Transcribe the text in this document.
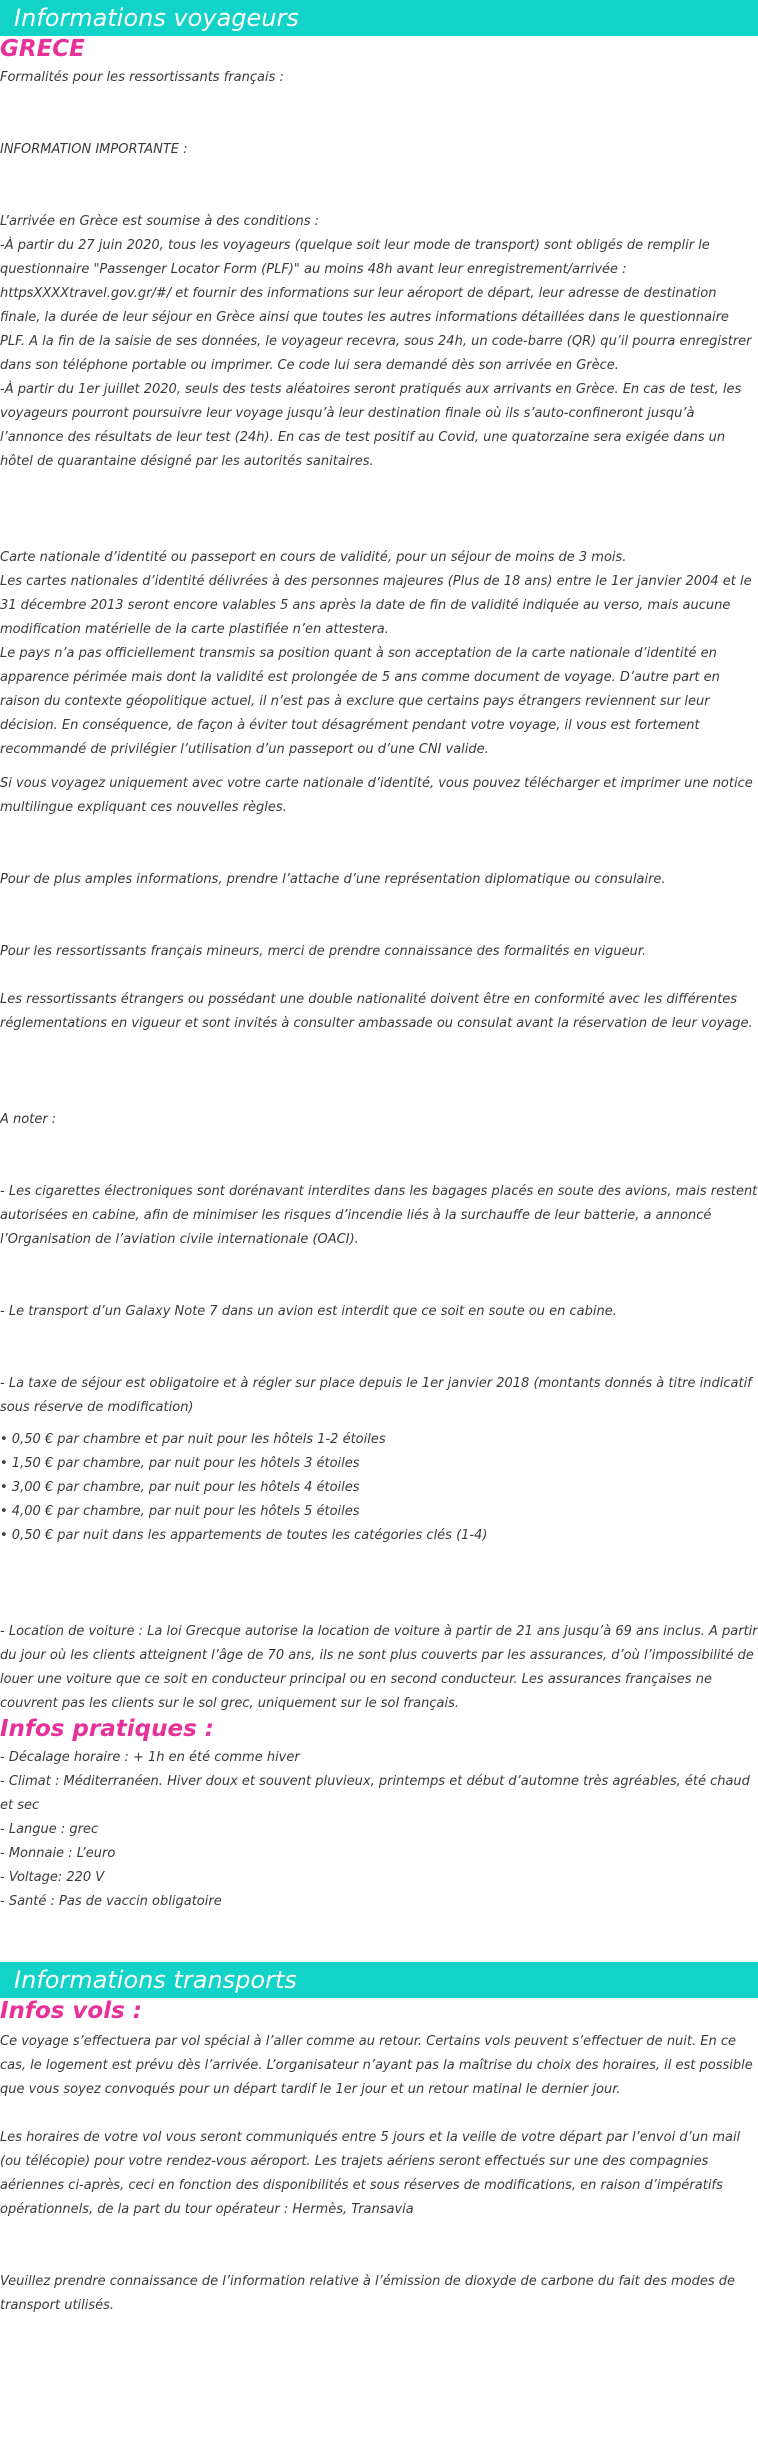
Informations voyageurs
GRECE

Formalités pour les ressortissants français :

INFORMATION IMPORTANTE :

L’arrivée en Grèce est soumise à des conditions :

-À partir du 27 juin 2020, tous les voyageurs (quelque soit leur mode de transport) sont obligés de remplir le questionnaire "Passenger Locator Form (PLF)" au moins 48h avant leur enregistrement/arrivée : httpsXXXXtravel.gov.gr/#/ et fournir des informations sur leur aéroport de départ, leur adresse de destination finale, la durée de leur séjour en Grèce ainsi que toutes les autres informations détaillées dans le questionnaire PLF. A la fin de la saisie de ses données, le voyageur recevra, sous 24h, un code-barre (QR) qu’il pourra enregistrer dans son téléphone portable ou imprimer. Ce code lui sera demandé dès son arrivée en Grèce.

-À partir du 1er juillet 2020, seuls des tests aléatoires seront pratiqués aux arrivants en Grèce. En cas de test, les voyageurs pourront poursuivre leur voyage jusqu’à leur destination finale où ils s’auto-confineront jusqu’à l’annonce des résultats de leur test (24h). En cas de test positif au Covid, une quatorzaine sera exigée dans un hôtel de quarantaine désigné par les autorités sanitaires.

Carte nationale d’identité ou passeport en cours de validité, pour un séjour de moins de 3 mois.

Les cartes nationales d’identité délivrées à des personnes majeures (Plus de 18 ans) entre le 1er janvier 2004 et le 31 décembre 2013 seront encore valables 5 ans après la date de fin de validité indiquée au verso, mais aucune modification matérielle de la carte plastifiée n’en attestera.

Le pays n’a pas officiellement transmis sa position quant à son acceptation de la carte nationale d’identité en apparence périmée mais dont la validité est prolongée de 5 ans comme document de voyage. D’autre part en raison du contexte géopolitique actuel, il n’est pas à exclure que certains pays étrangers reviennent sur leur décision. En conséquence, de façon à éviter tout désagrément pendant votre voyage, il vous est fortement recommandé de privilégier l’utilisation d’un passeport ou d’une CNI valide.

Si vous voyagez uniquement avec votre carte nationale d’identité, vous pouvez télécharger et imprimer une notice multilingue expliquant ces nouvelles règles.

Pour de plus amples informations, prendre l’attache d’une représentation diplomatique ou consulaire.

Pour les ressortissants français mineurs, merci de prendre connaissance des formalités en vigueur.

Les ressortissants étrangers ou possédant une double nationalité doivent être en conformité avec les différentes réglementations en vigueur et sont invités à consulter ambassade ou consulat avant la réservation de leur voyage.

A noter :

- Les cigarettes électroniques sont dorénavant interdites dans les bagages placés en soute des avions, mais restent autorisées en cabine, afin de minimiser les risques d’incendie liés à la surchauffe de leur batterie, a annoncé l’Organisation de l’aviation civile internationale (OACI).

- Le transport d’un Galaxy Note 7 dans un avion est interdit que ce soit en soute ou en cabine.

- La taxe de séjour est obligatoire et à régler sur place depuis le 1er janvier 2018 (montants donnés à titre indicatif sous réserve de modification)

• 0,50 € par chambre et par nuit pour les hôtels 1-2 étoiles

• 1,50 € par chambre, par nuit pour les hôtels 3 étoiles

• 3,00 € par chambre, par nuit pour les hôtels 4 étoiles

• 4,00 € par chambre, par nuit pour les hôtels 5 étoiles

• 0,50 € par nuit dans les appartements de toutes les catégories clés (1-4)

- Location de voiture : La loi Grecque autorise la location de voiture à partir de 21 ans jusqu’à 69 ans inclus. A partir du jour où les clients atteignent l’âge de 70 ans, ils ne sont plus couverts par les assurances, d’où l’impossibilité de louer une voiture que ce soit en conducteur principal ou en second conducteur. Les assurances françaises ne couvrent pas les clients sur le sol grec, uniquement sur le sol français.

Infos pratiques :

- Décalage horaire : + 1h en été comme hiver

- Climat : Méditerranéen. Hiver doux et souvent pluvieux, printemps et début d’automne très agréables, été chaud et sec

- Langue : grec

- Monnaie : L’euro

- Voltage: 220 V

- Santé : Pas de vaccin obligatoire

Informations transports
Infos vols :

Ce voyage s’effectuera par vol spécial à l’aller comme au retour. Certains vols peuvent s’effectuer de nuit. En ce cas, le logement est prévu dès l’arrivée. L’organisateur n’ayant pas la maîtrise du choix des horaires, il est possible que vous soyez convoqués pour un départ tardif le 1er jour et un retour matinal le dernier jour.

Les horaires de votre vol vous seront communiqués entre 5 jours et la veille de votre départ par l’envoi d’un mail (ou télécopie) pour votre rendez-vous aéroport. Les trajets aériens seront effectués sur une des compagnies aériennes ci-après, ceci en fonction des disponibilités et sous réserves de modifications, en raison d’impératifs opérationnels, de la part du tour opérateur : Hermès, Transavia

Veuillez prendre connaissance de l’information relative à l’émission de dioxyde de carbone du fait des modes de transport utilisés.
